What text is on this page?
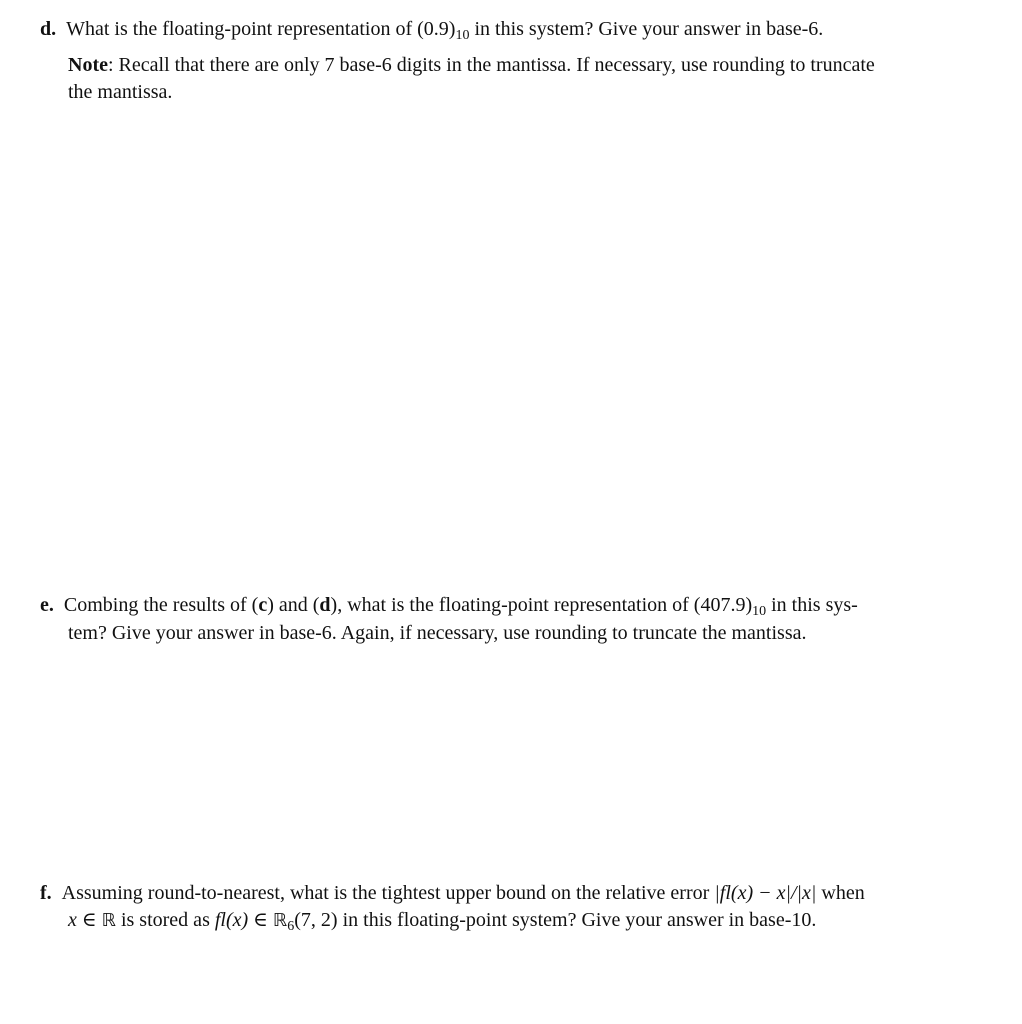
d. What is the floating-point representation of $(0.9)_{10}$ in this system? Give your answer in base-6.
Note: Recall that there are only 7 base-6 digits in the mantissa. If necessary, use rounding to truncate
the mantissa.
e. Combing the results of (c) and (d), what is the floating-point representation of $(407.9)_{10}$ in this sys-
tem? Give your answer in base-6. Again, if necessary, use rounding to truncate the mantissa.
f. Assuming round-to-nearest, what is the tightest upper bound on the relative error |fl(x) − x|/|x| when
x ∈ ℝ is stored as fl(x) ∈ ℝ$_6$(7, 2) in this floating-point system? Give your answer in base-10.
